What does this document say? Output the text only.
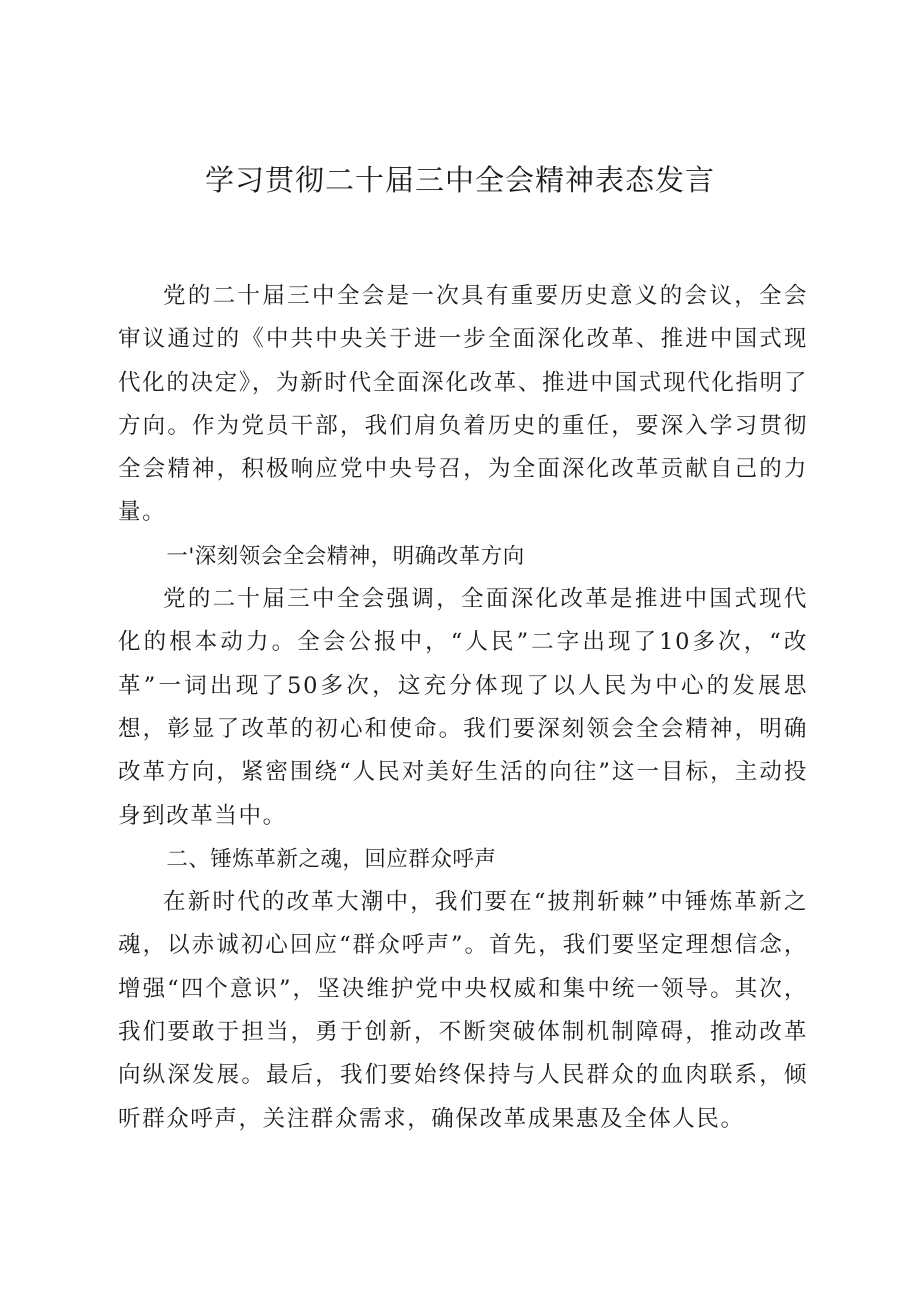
学习贯彻二十届三中全会精神表态发言

党的二十届三中全会是一次具有重要历史意义的会议，全会审议通过的《中共中央关于进一步全面深化改革、推进中国式现代化的决定》，为新时代全面深化改革、推进中国式现代化指明了方向。作为党员干部，我们肩负着历史的重任，要深入学习贯彻全会精神，积极响应党中央号召，为全面深化改革贡献自己的力量。

一'深刻领会全会精神，明确改革方向

党的二十届三中全会强调，全面深化改革是推进中国式现代化的根本动力。全会公报中，“人民”二字出现了10多次，“改革”一词出现了50多次，这充分体现了以人民为中心的发展思想，彰显了改革的初心和使命。我们要深刻领会全会精神，明确改革方向，紧密围绕“人民对美好生活的向往”这一目标，主动投身到改革当中。

二、锤炼革新之魂，回应群众呼声

在新时代的改革大潮中，我们要在“披荆斩棘”中锤炼革新之魂，以赤诚初心回应“群众呼声”。首先，我们要坚定理想信念，增强“四个意识”，坚决维护党中央权威和集中统一领导。其次，我们要敢于担当，勇于创新，不断突破体制机制障碍，推动改革向纵深发展。最后，我们要始终保持与人民群众的血肉联系，倾听群众呼声，关注群众需求，确保改革成果惠及全体人民。
